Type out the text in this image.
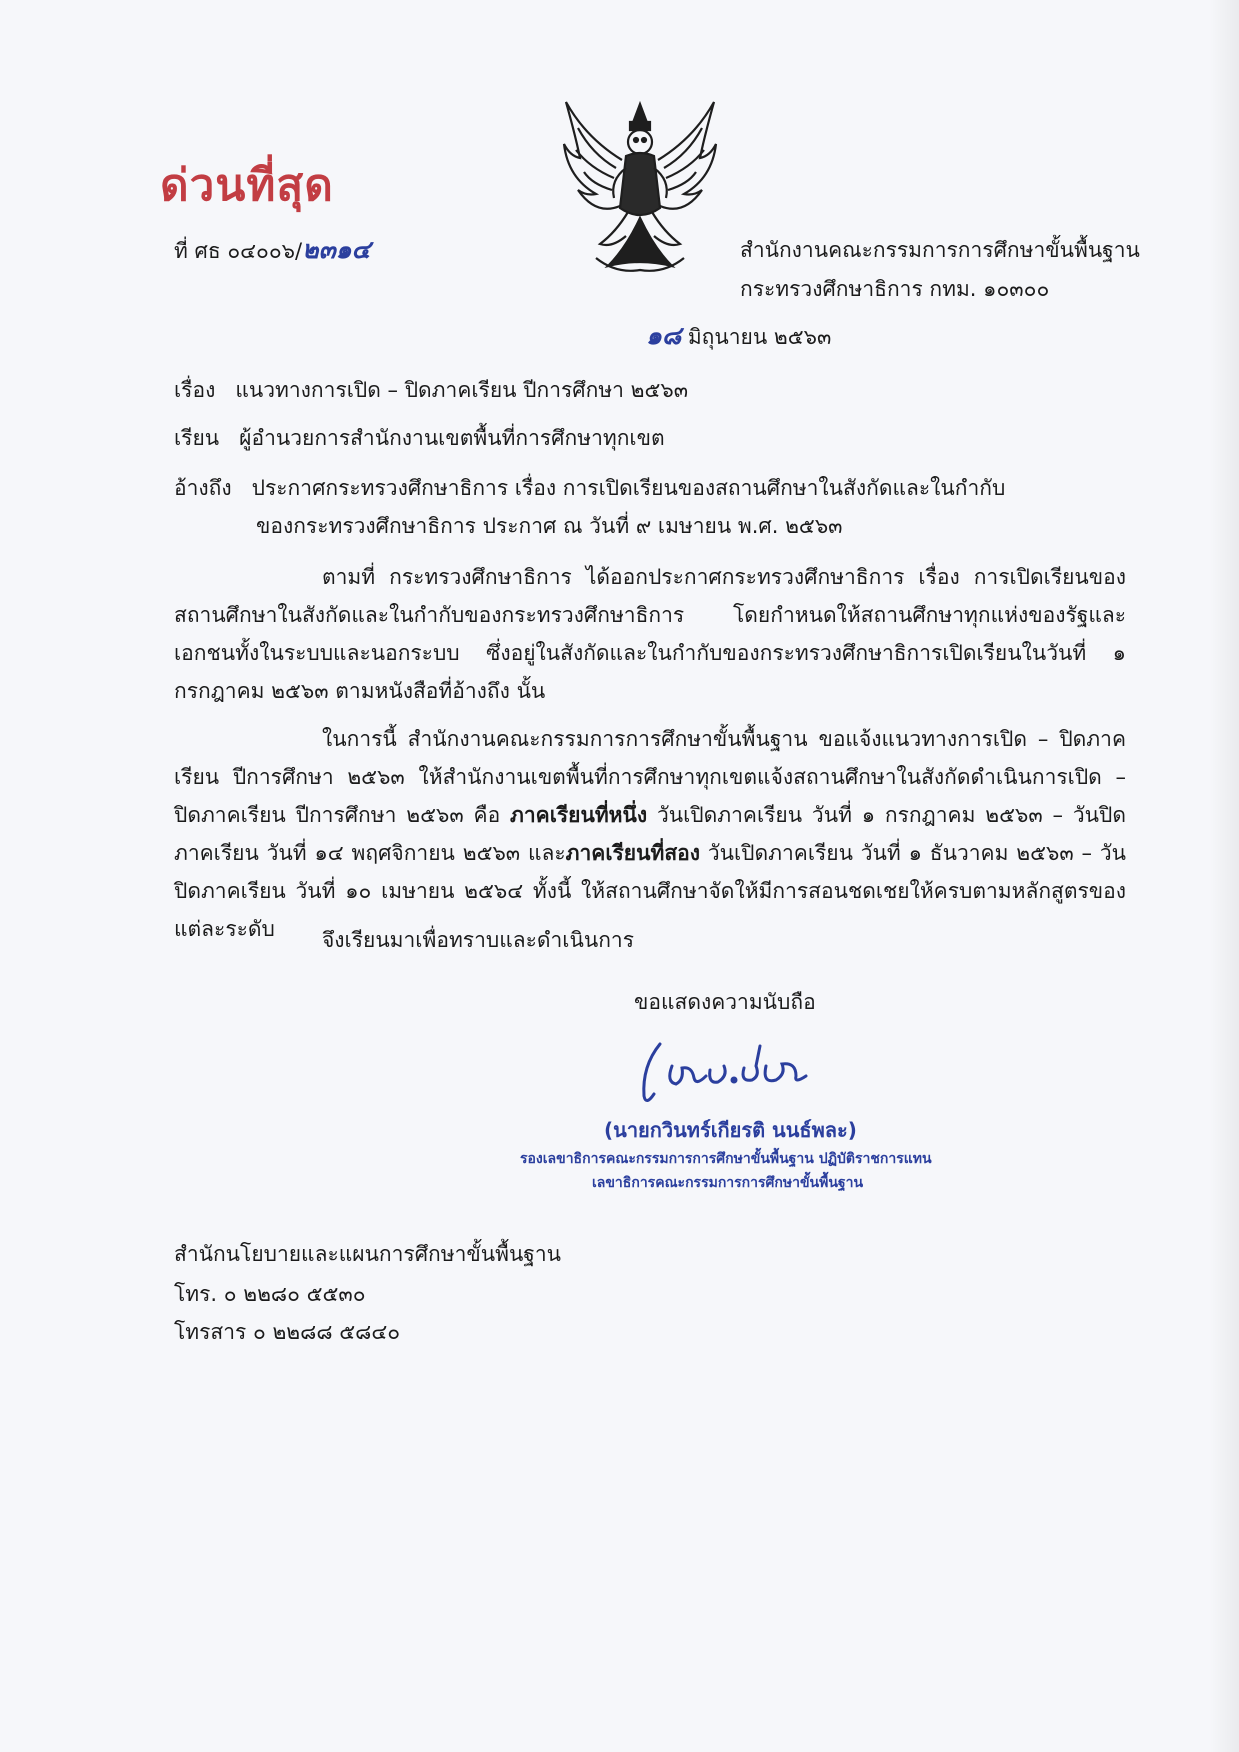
ด่วนที่สุด
ที่ ศธ ๐๔๐๐๖/๒๓๑๔	สำนักงานคณะกรรมการการศึกษาขั้นพื้นฐาน
กระทรวงศึกษาธิการ กทม. ๑๐๓๐๐
๑๘ มิถุนายน ๒๕๖๓
เรื่อง แนวทางการเปิด – ปิดภาคเรียน ปีการศึกษา ๒๕๖๓
เรียน ผู้อำนวยการสำนักงานเขตพื้นที่การศึกษาทุกเขต
อ้างถึง ประกาศกระทรวงศึกษาธิการ เรื่อง การเปิดเรียนของสถานศึกษาในสังกัดและในกำกับ
ของกระทรวงศึกษาธิการ ประกาศ ณ วันที่ ๙ เมษายน พ.ศ. ๒๕๖๓
ตามที่ กระทรวงศึกษาธิการ ได้ออกประกาศกระทรวงศึกษาธิการ เรื่อง การเปิดเรียนของสถานศึกษาในสังกัดและในกำกับของกระทรวงศึกษาธิการ โดยกำหนดให้สถานศึกษาทุกแห่งของรัฐและเอกชนทั้งในระบบและนอกระบบ ซึ่งอยู่ในสังกัดและในกำกับของกระทรวงศึกษาธิการเปิดเรียนในวันที่ ๑ กรกฎาคม ๒๕๖๓ ตามหนังสือที่อ้างถึง นั้น
ในการนี้ สำนักงานคณะกรรมการการศึกษาขั้นพื้นฐาน ขอแจ้งแนวทางการเปิด – ปิดภาคเรียน ปีการศึกษา ๒๕๖๓ ให้สำนักงานเขตพื้นที่การศึกษาทุกเขตแจ้งสถานศึกษาในสังกัดดำเนินการเปิด – ปิดภาคเรียน ปีการศึกษา ๒๕๖๓ คือ ภาคเรียนที่หนึ่ง วันเปิดภาคเรียน วันที่ ๑ กรกฎาคม ๒๕๖๓ – วันปิดภาคเรียน วันที่ ๑๔ พฤศจิกายน ๒๕๖๓ และภาคเรียนที่สอง วันเปิดภาคเรียน วันที่ ๑ ธันวาคม ๒๕๖๓ – วันปิดภาคเรียน วันที่ ๑๐ เมษายน ๒๕๖๔ ทั้งนี้ ให้สถานศึกษาจัดให้มีการสอนชดเชยให้ครบตามหลักสูตรของแต่ละระดับ	จึงเรียนมาเพื่อทราบและดำเนินการ
ขอแสดงความนับถือ
(นายกวินทร์เกียรติ นนธ์พละ)
รองเลขาธิการคณะกรรมการการศึกษาขั้นพื้นฐาน ปฏิบัติราชการแทน
เลขาธิการคณะกรรมการการศึกษาขั้นพื้นฐาน
สำนักนโยบายและแผนการศึกษาขั้นพื้นฐาน
โทร. ๐ ๒๒๘๐ ๕๕๓๐
โทรสาร ๐ ๒๒๘๘ ๕๘๔๐
